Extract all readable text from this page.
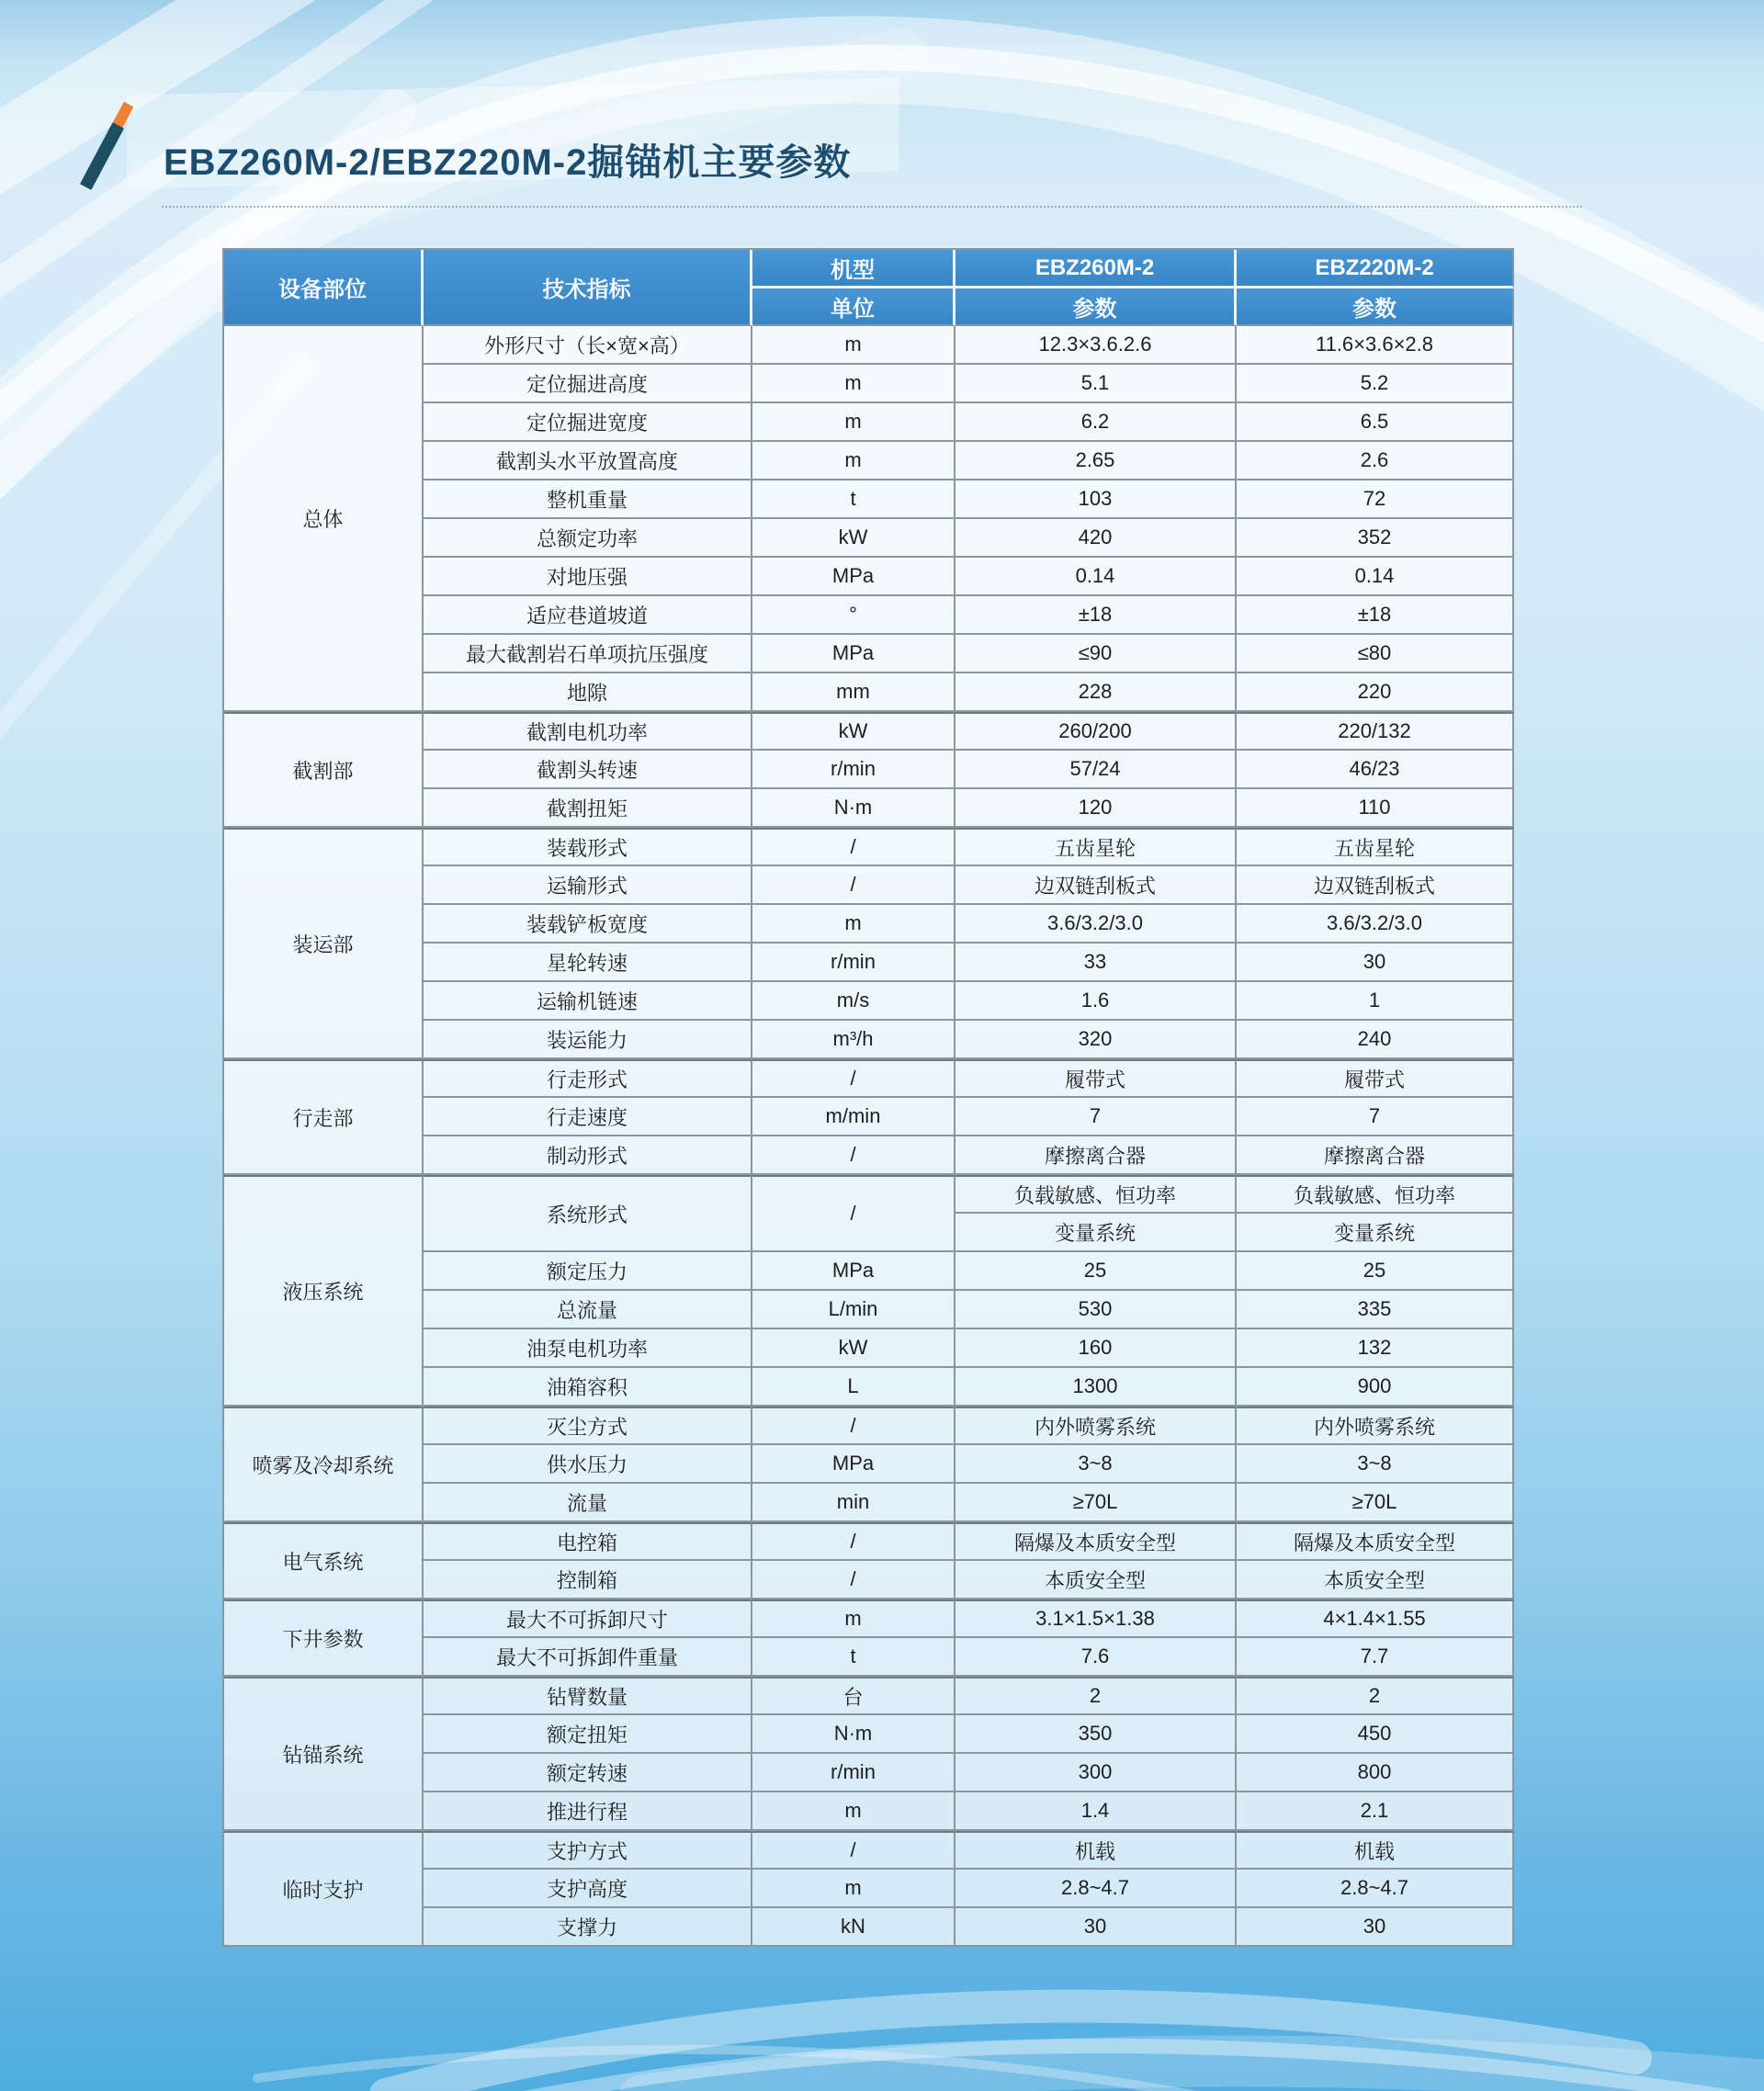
EBZ260M-2/EBZ220M-2掘锚机主要参数
设备部位	技术指标	机型	EBZ260M-2	EBZ220M-2
		单位	参数	参数
总体	外形尺寸（长×宽×高）	m	12.3×3.6.2.6	11.6×3.6×2.8
	定位掘进高度	m	5.1	5.2
	定位掘进宽度	m	6.2	6.5
	截割头水平放置高度	m	2.65	2.6
	整机重量	t	103	72
	总额定功率	kW	420	352
	对地压强	MPa	0.14	0.14
	适应巷道坡道	°	±18	±18
	最大截割岩石单项抗压强度	MPa	≤90	≤80
	地隙	mm	228	220
截割部	截割电机功率	kW	260/200	220/132
	截割头转速	r/min	57/24	46/23
	截割扭矩	N·m	120	110
装运部	装载形式	/	五齿星轮	五齿星轮
	运输形式	/	边双链刮板式	边双链刮板式
	装载铲板宽度	m	3.6/3.2/3.0	3.6/3.2/3.0
	星轮转速	r/min	33	30
	运输机链速	m/s	1.6	1
	装运能力	m³/h	320	240
行走部	行走形式	/	履带式	履带式
	行走速度	m/min	7	7
	制动形式	/	摩擦离合器	摩擦离合器
液压系统	系统形式	/	负载敏感、恒功率	负载敏感、恒功率
			变量系统	变量系统
	额定压力	MPa	25	25
	总流量	L/min	530	335
	油泵电机功率	kW	160	132
	油箱容积	L	1300	900
喷雾及冷却系统	灭尘方式	/	内外喷雾系统	内外喷雾系统
	供水压力	MPa	3~8	3~8
	流量	min	≥70L	≥70L
电气系统	电控箱	/	隔爆及本质安全型	隔爆及本质安全型
	控制箱	/	本质安全型	本质安全型
下井参数	最大不可拆卸尺寸	m	3.1×1.5×1.38	4×1.4×1.55
	最大不可拆卸件重量	t	7.6	7.7
钻锚系统	钻臂数量	台	2	2
	额定扭矩	N·m	350	450
	额定转速	r/min	300	800
	推进行程	m	1.4	2.1
临时支护	支护方式	/	机载	机载
	支护高度	m	2.8~4.7	2.8~4.7
	支撑力	kN	30	30
